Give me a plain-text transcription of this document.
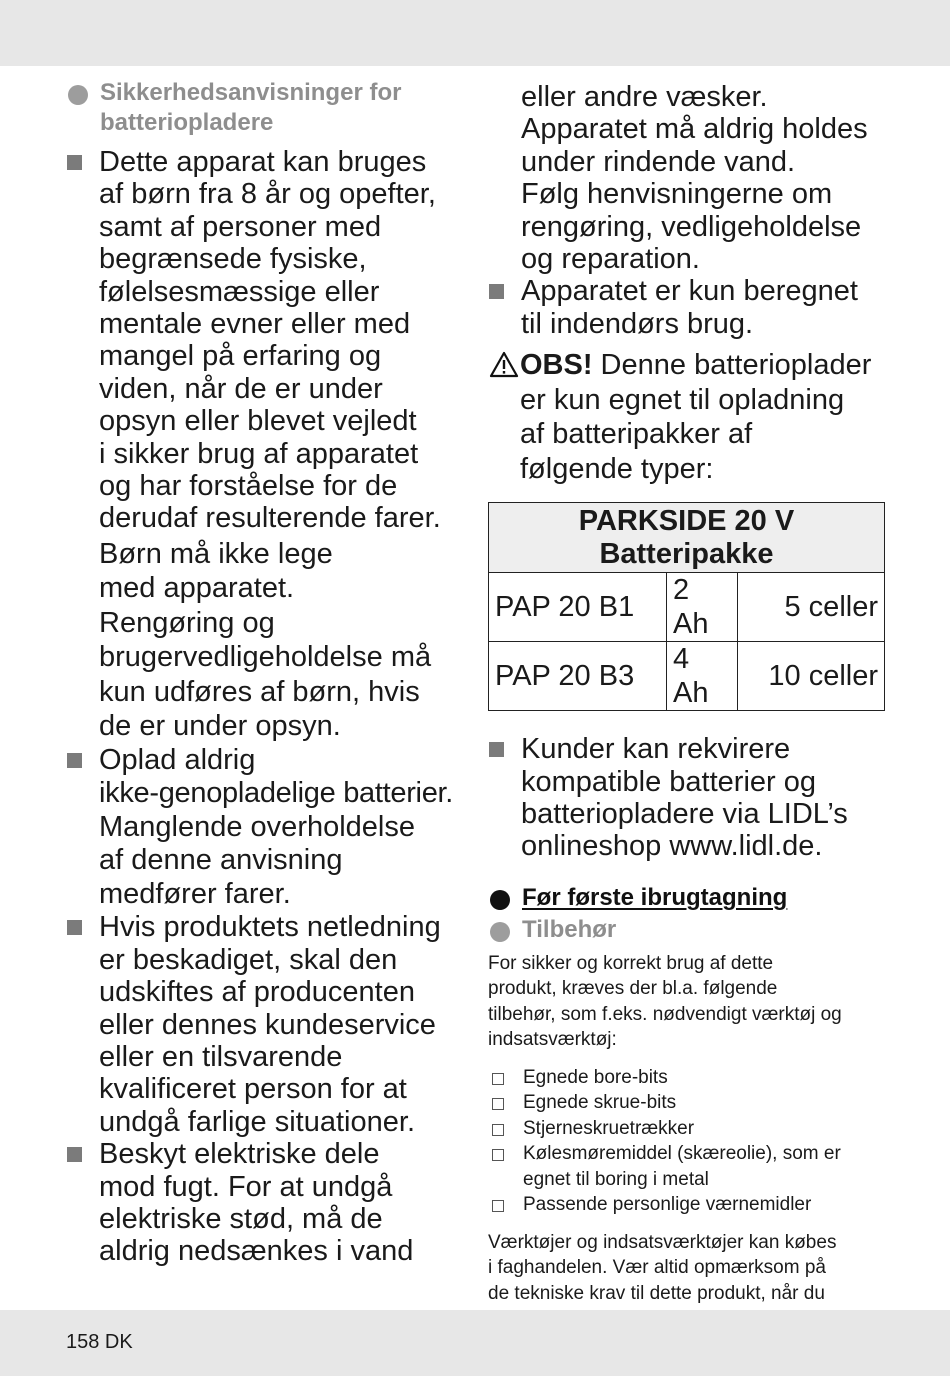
Sikkerhedsanvisninger for
batteriopladere
Dette apparat kan bruges
af børn fra 8 år og opefter,
samt af personer med
begrænsede fysiske,
følelsesmæssige eller
mentale evner eller med
mangel på erfaring og
viden, når de er under
opsyn eller blevet vejledt
i sikker brug af apparatet
og har forståelse for de
derudaf resulterende farer.
Børn må ikke lege
med apparatet.
Rengøring og
brugervedligeholdelse må
kun udføres af børn, hvis
de er under opsyn.
Oplad aldrig
ikke-genopladelige batterier.
Manglende overholdelse
af denne anvisning
medfører farer.
Hvis produktets netledning
er beskadiget, skal den
udskiftes af producenten
eller dennes kundeservice
eller en tilsvarende
kvalificeret person for at
undgå farlige situationer.
Beskyt elektriske dele
mod fugt. For at undgå
elektriske stød, må de
aldrig nedsænkes i vand
eller andre væsker.
Apparatet må aldrig holdes
under rindende vand.
Følg henvisningerne om
rengøring, vedligeholdelse
og reparation.
Apparatet er kun beregnet
til indendørs brug.
OBS! Denne batterioplader
er kun egnet til opladning
af batteripakker af
følgende typer:
PARKSIDE 20 V
Batteripakke		

PAP 20 B1	2 Ah	5 celler
PAP 20 B3	4 Ah	10 celler
Kunder kan rekvirere
kompatible batterier og
batteriopladere via LIDL’s
onlineshop www.lidl.de.
Før første ibrugtagning
Tilbehør

For sikker og korrekt brug af dette

produkt, kræves der bl.a. følgende

tilbehør, som f.eks. nødvendigt værktøj og

indsatsværktøj:

Egnede bore-bits
Egnede skrue-bits
Stjerneskruetrækker
Kølesmøremiddel (skæreolie), som er
egnet til boring i metal
Passende personlige værnemidler

Værktøjer og indsatsværktøjer kan købes

i faghandelen. Vær altid opmærksom på

de tekniske krav til dette produkt, når du

158 DK
